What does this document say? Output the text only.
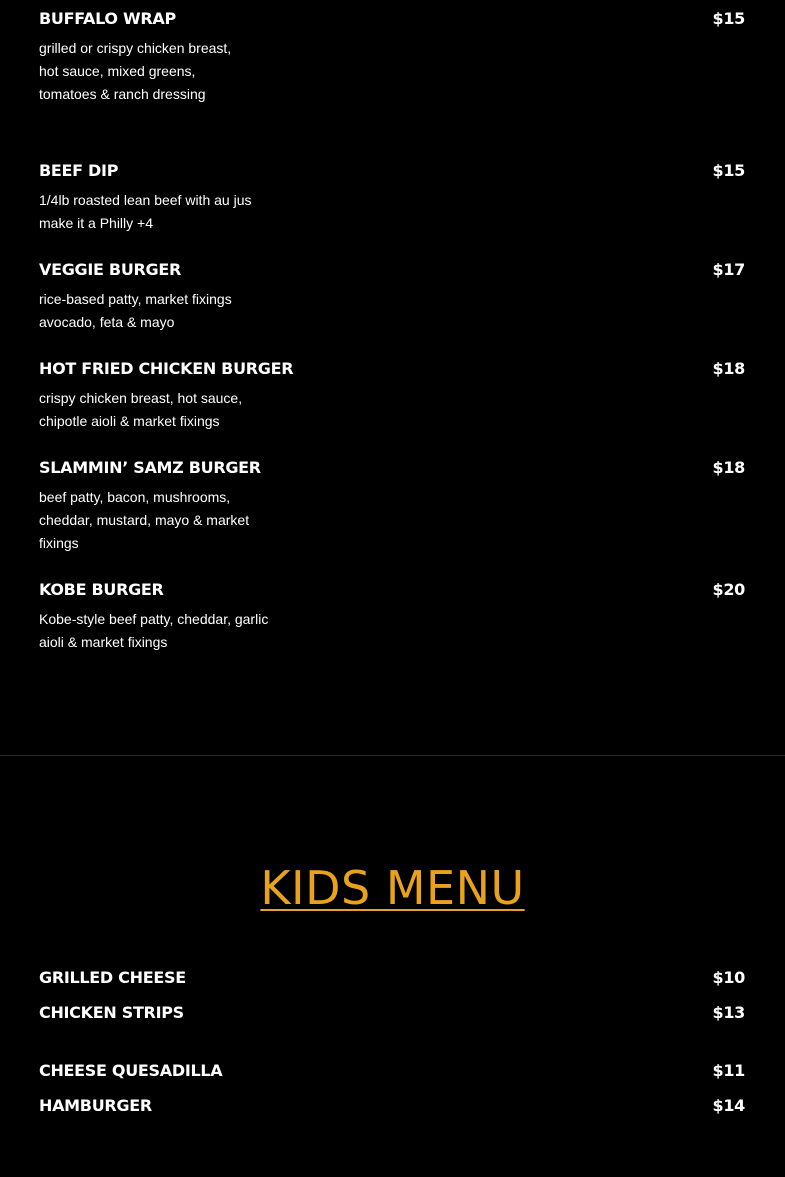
BUFFALO WRAP	$15
grilled or crispy chicken breast,
hot sauce, mixed greens,
tomatoes & ranch dressing
BEEF DIP	$15
1/4lb roasted lean beef with au jus
make it a Philly +4
VEGGIE BURGER	$17
rice-based patty, market fixings
avocado, feta & mayo
HOT FRIED CHICKEN BURGER	$18
crispy chicken breast, hot sauce,
chipotle aioli & market fixings
SLAMMIN’ SAMZ BURGER	$18
beef patty, bacon, mushrooms,
cheddar, mustard, mayo & market
fixings
KOBE BURGER	$20
Kobe-style beef patty, cheddar, garlic
aioli & market fixings
KIDS MENU
GRILLED CHEESE	$10
CHICKEN STRIPS	$13
CHEESE QUESADILLA	$11
HAMBURGER	$14
